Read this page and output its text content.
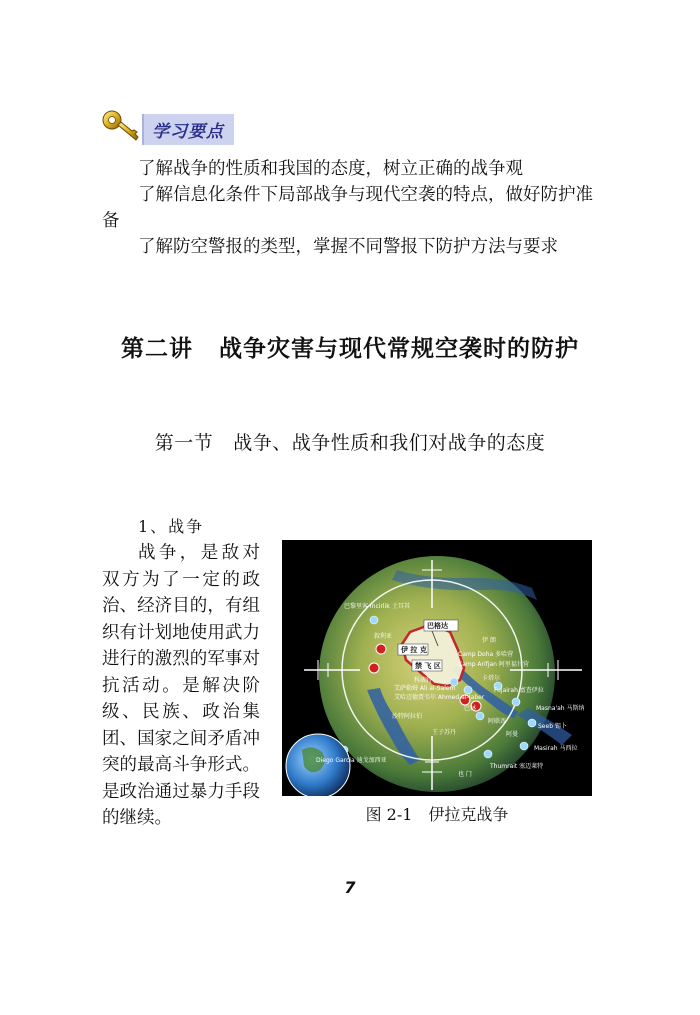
学习要点

了解战争的性质和我国的态度，树立正确的战争观

了解信息化条件下局部战争与现代空袭的特点，做好防护准备

了解防空警报的类型，掌握不同警报下防护方法与要求

第二讲 战争灾害与现代常规空袭时的防护
第一节 战争、战争性质和我们对战争的态度
1、战争
战争，是敌对双方为了一定的政治、经济目的，有组织有计划地使用武力进行的激烈的军事对抗活动。是解决阶级、民族、政治集团、国家之间矛盾冲突的最高斗争形式。是政治通过暴力手段的继续。
巴黎里客 Incirlik 土耳其
巴格达
叙利亚
伊 拉 克
禁 飞 区
伊 朗
Camp Doha 多哈营
Camp Arifjan 阿里福甘营
科威特
艾萨勒姆 Ali al-Salem
艾哈迈德贾韦尔 Ahmed al-Jaber
卡塔尔
Fujairah 富查伊拉
巴林
阿联酋
沙特阿拉伯
王子苏丹
Masna'ah 马斯纳
Seeb 锡卜
阿曼
Masirah 马西拉
Thumrait 塞迈莱特
也 门
Diego Garcia 迪戈加西亚
图 2-1 伊拉克战争
7
